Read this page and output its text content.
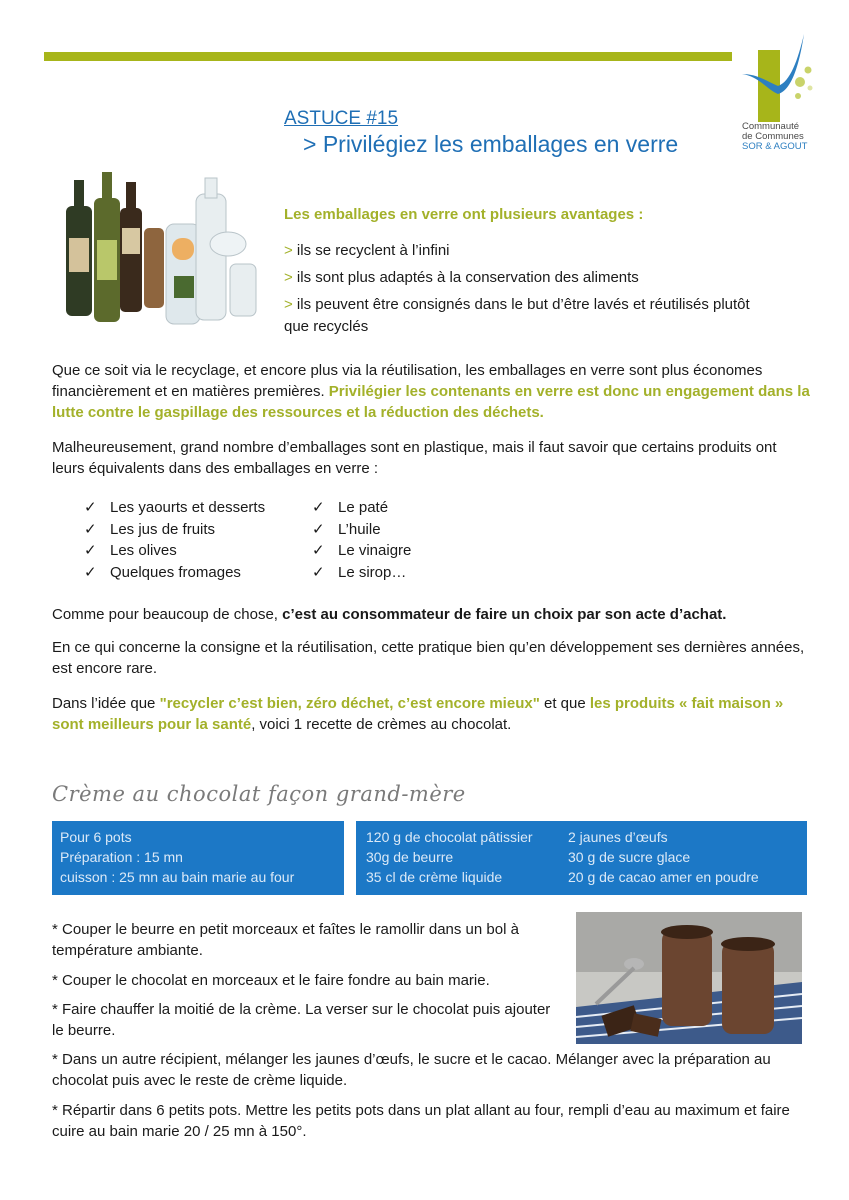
Communauté
de Communes
SOR & AGOUT
ASTUCE #15
> Privilégiez les emballages en verre
Les emballages en verre ont plusieurs avantages :
> ils se recyclent à l’infini
> ils sont plus adaptés à la conservation des aliments
> ils peuvent être consignés dans le but d’être lavés et réutilisés plutôt
que recyclés
Que ce soit via le recyclage, et encore plus via la réutilisation, les emballages en verre sont plus économes financièrement et en matières premières. Privilégier les contenants en verre est donc un engagement dans la lutte contre le gaspillage des ressources et la réduction des déchets.
Malheureusement, grand nombre d’emballages sont en plastique, mais il faut savoir que certains produits ont leurs équivalents dans des emballages en verre :
✓ Les yaourts et desserts
✓ Les jus de fruits
✓ Les olives
✓ Quelques fromages
✓ Le paté
✓ L’huile
✓ Le vinaigre
✓ Le sirop…
Comme pour beaucoup de chose, c’est au consommateur de faire un choix par son acte d’achat.
En ce qui concerne la consigne et la réutilisation, cette pratique bien qu’en développement ses dernières années, est encore rare.
Dans l’idée que "recycler c’est bien, zéro déchet, c’est encore mieux" et que les produits « fait maison » sont meilleurs pour la santé, voici 1 recette de crèmes au chocolat.
Crème au chocolat façon grand-mère
Pour 6 pots
Préparation : 15 mn
cuisson : 25 mn au bain marie au four
120 g de chocolat pâtissier
30g de beurre
35 cl de crème liquide
2 jaunes d’œufs
30 g de sucre glace
20 g de cacao amer en poudre
* Couper le beurre en petit morceaux et faîtes le ramollir dans un bol à température ambiante.
* Couper le chocolat en morceaux et le faire fondre au bain marie.
* Faire chauffer la moitié de la crème. La verser sur le chocolat puis ajouter le beurre.
* Dans un autre récipient, mélanger les jaunes d’œufs, le sucre et le cacao. Mélanger avec la préparation au chocolat puis avec le reste de crème liquide.
* Répartir dans 6 petits pots. Mettre les petits pots dans un plat allant au four, rempli d’eau au maximum et faire cuire au bain marie 20 / 25 mn à 150°.
